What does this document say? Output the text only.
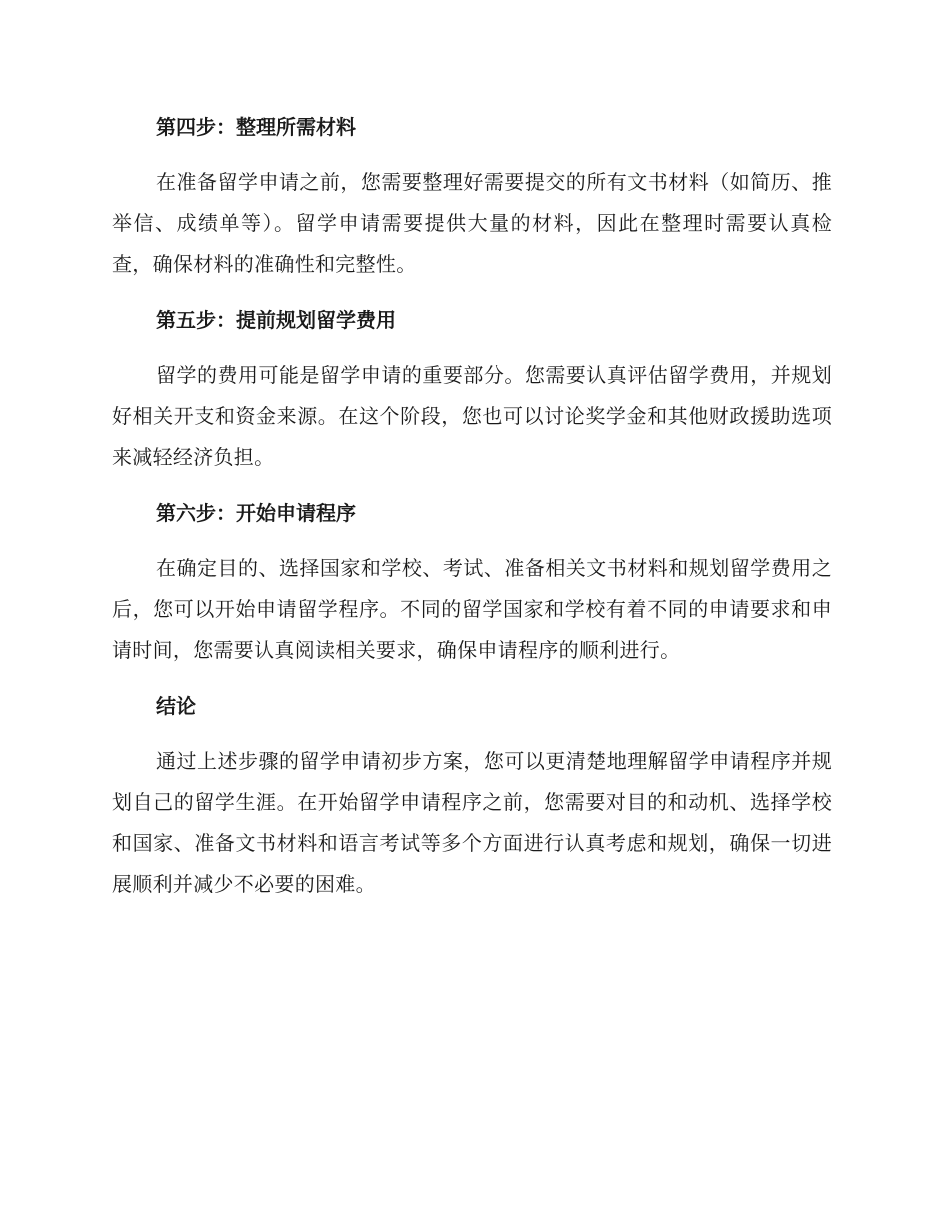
第四步：整理所需材料

在准备留学申请之前，您需要整理好需要提交的所有文书材料（如简历、推举信、成绩单等）。留学申请需要提供大量的材料，因此在整理时需要认真检查，确保材料的准确性和完整性。

第五步：提前规划留学费用

留学的费用可能是留学申请的重要部分。您需要认真评估留学费用，并规划好相关开支和资金来源。在这个阶段，您也可以讨论奖学金和其他财政援助选项来减轻经济负担。

第六步：开始申请程序

在确定目的、选择国家和学校、考试、准备相关文书材料和规划留学费用之后，您可以开始申请留学程序。不同的留学国家和学校有着不同的申请要求和申请时间，您需要认真阅读相关要求，确保申请程序的顺利进行。

结论

通过上述步骤的留学申请初步方案，您可以更清楚地理解留学申请程序并规划自己的留学生涯。在开始留学申请程序之前，您需要对目的和动机、选择学校和国家、准备文书材料和语言考试等多个方面进行认真考虑和规划，确保一切进展顺利并减少不必要的困难。
